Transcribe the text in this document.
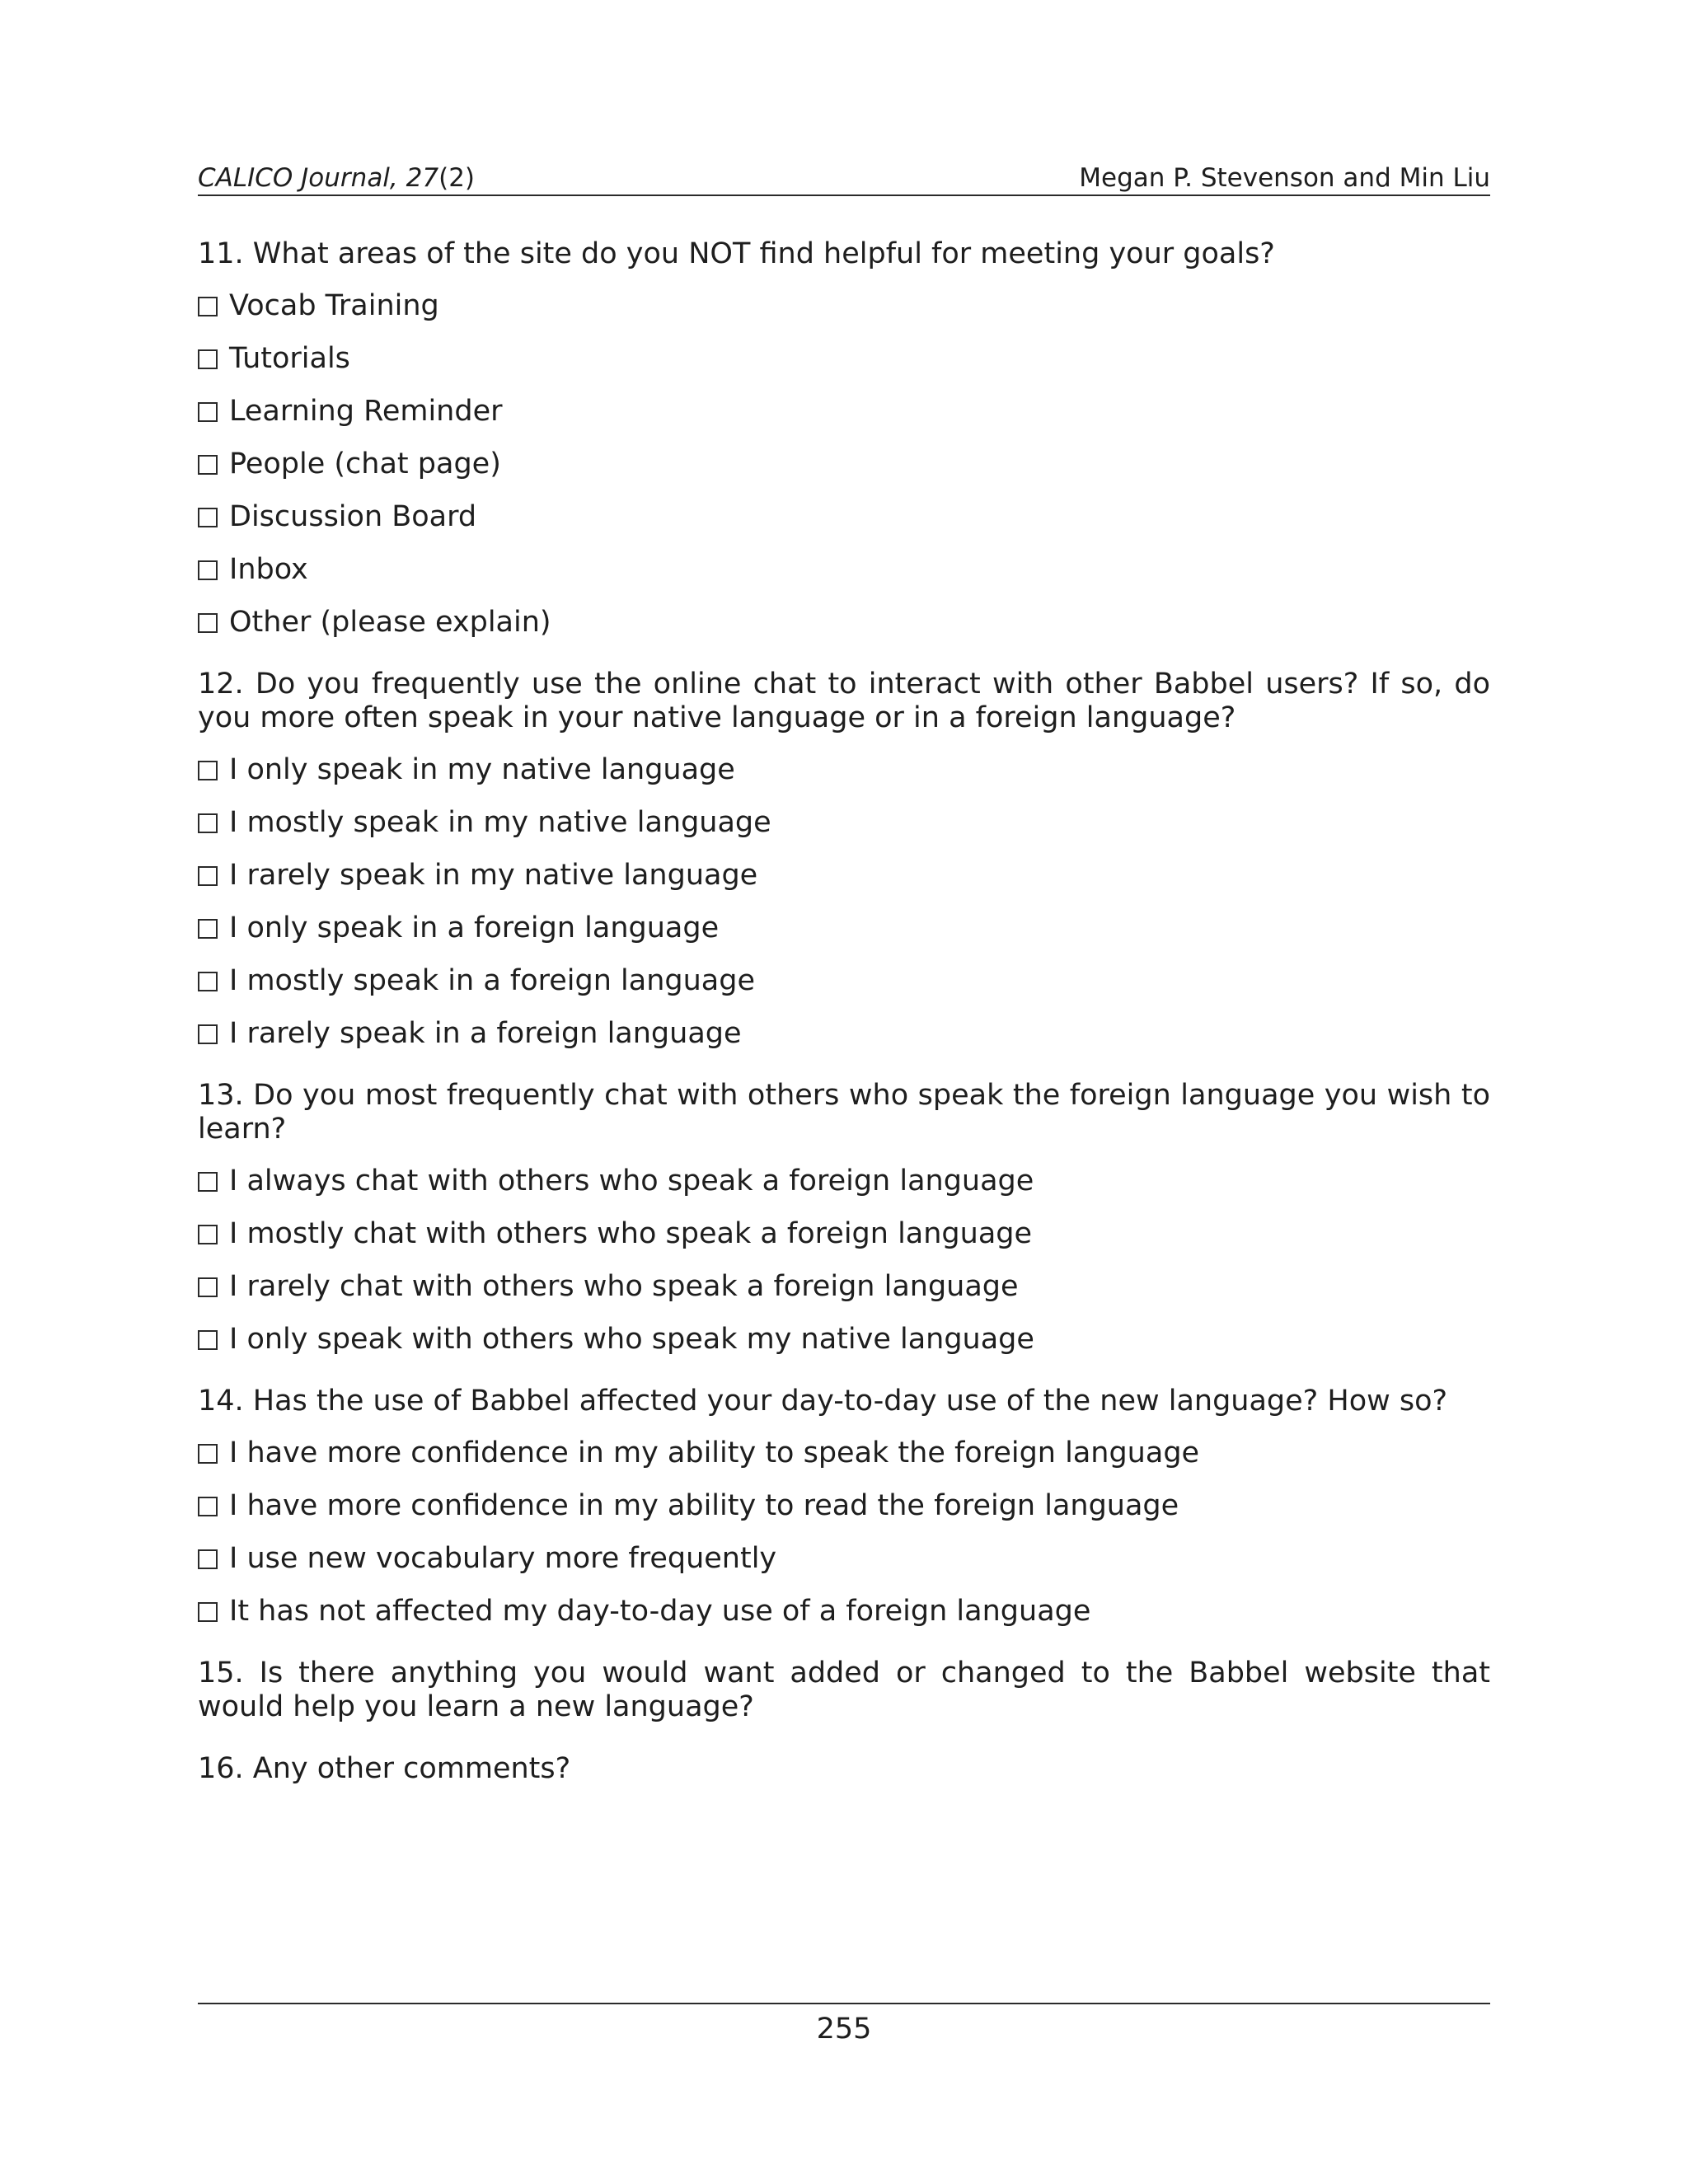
CALICO Journal, 27(2)	Megan P. Stevenson and Min Liu

11. What areas of the site do you NOT find helpful for meeting your goals?

Vocab Training
Tutorials
Learning Reminder
People (chat page)
Discussion Board
Inbox
Other (please explain)

12. Do you frequently use the online chat to interact with other Babbel users? If so, do you more often speak in your native language or in a foreign language?

I only speak in my native language
I mostly speak in my native language
I rarely speak in my native language
I only speak in a foreign language
I mostly speak in a foreign language
I rarely speak in a foreign language

13. Do you most frequently chat with others who speak the foreign language you wish to learn?

I always chat with others who speak a foreign language
I mostly chat with others who speak a foreign language
I rarely chat with others who speak a foreign language
I only speak with others who speak my native language

14. Has the use of Babbel affected your day-to-day use of the new language? How so?

I have more confidence in my ability to speak the foreign language
I have more confidence in my ability to read the foreign language
I use new vocabulary more frequently
It has not affected my day-to-day use of a foreign language

15. Is there anything you would want added or changed to the Babbel website that would help you learn a new language?

16. Any other comments?

255
